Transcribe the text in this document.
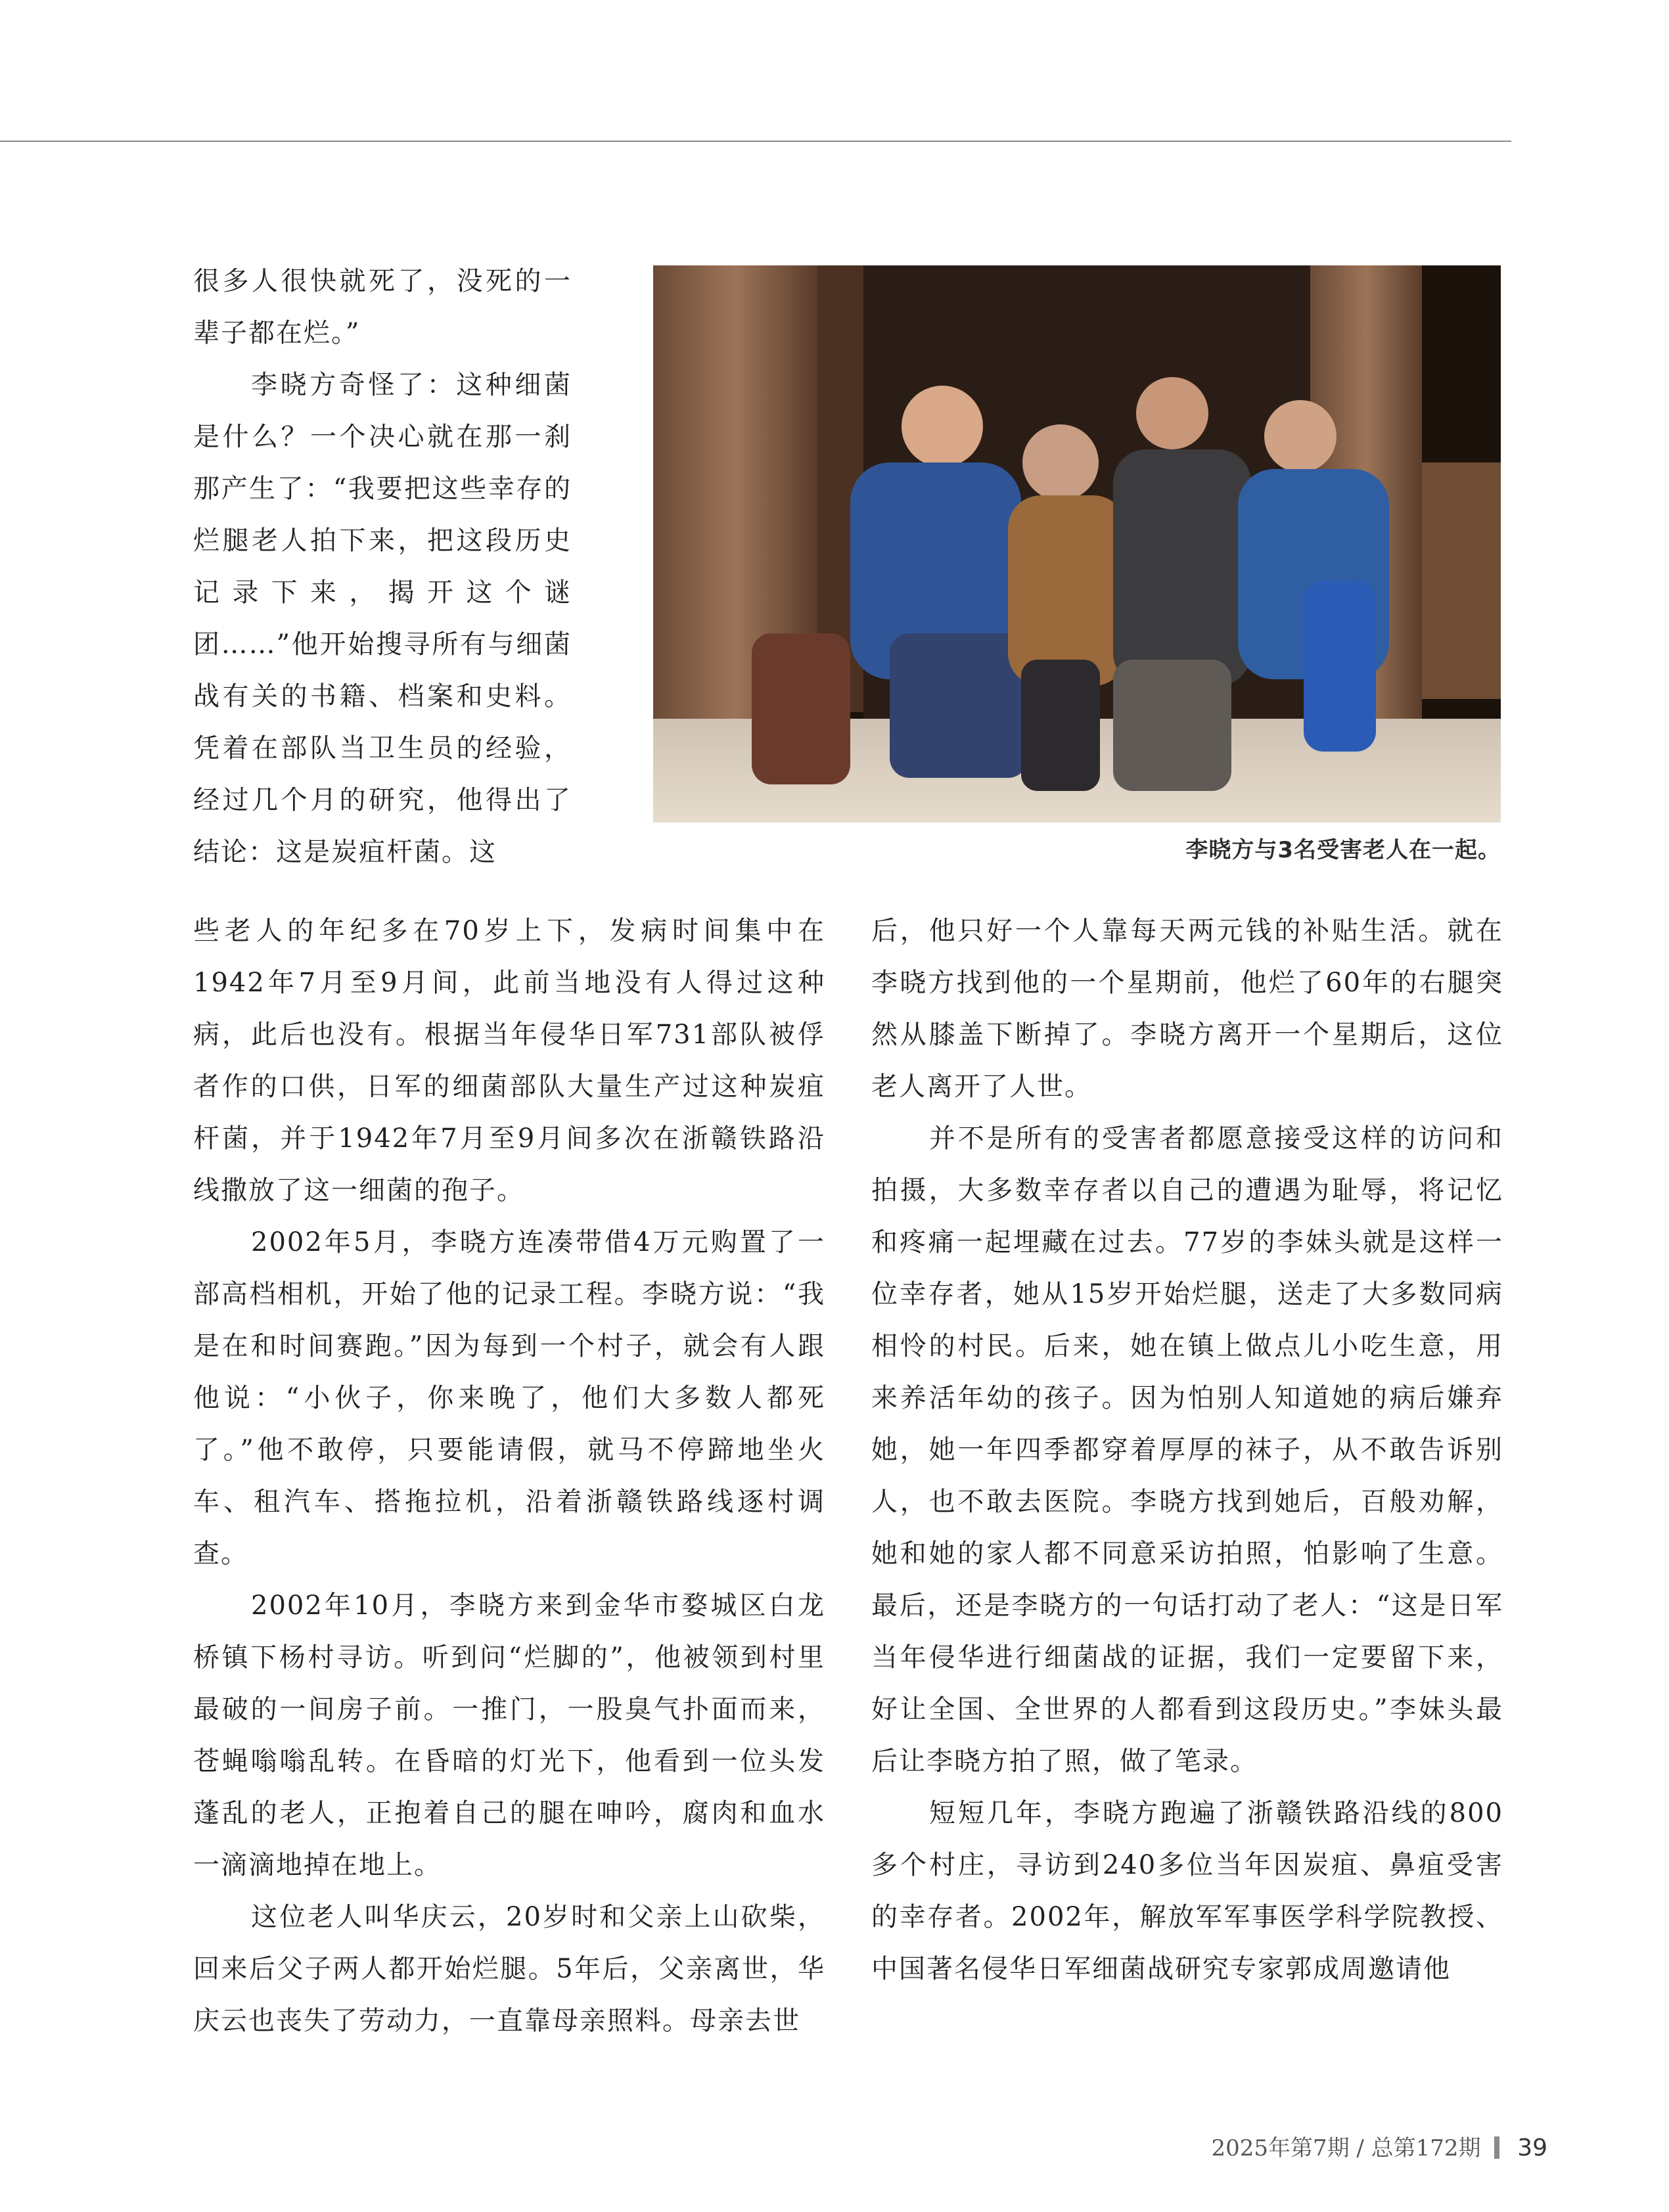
很多人很快就死了，没死的一辈子都在烂。”

李晓方奇怪了：这种细菌是什么？一个决心就在那一刹那产生了：“我要把这些幸存的烂腿老人拍下来，把这段历史记录下来，揭开这个谜团……”他开始搜寻所有与细菌战有关的书籍、档案和史料。凭着在部队当卫生员的经验，经过几个月的研究，他得出了结论：这是炭疽杆菌。这	李晓方与3名受害老人在一起。

些老人的年纪多在70岁上下，发病时间集中在1942年7月至9月间，此前当地没有人得过这种病，此后也没有。根据当年侵华日军731部队被俘者作的口供，日军的细菌部队大量生产过这种炭疽杆菌，并于1942年7月至9月间多次在浙赣铁路沿线撒放了这一细菌的孢子。

2002年5月，李晓方连凑带借4万元购置了一部高档相机，开始了他的记录工程。李晓方说：“我是在和时间赛跑。”因为每到一个村子，就会有人跟他说：“小伙子，你来晚了，他们大多数人都死了。”他不敢停，只要能请假，就马不停蹄地坐火车、租汽车、搭拖拉机，沿着浙赣铁路线逐村调查。

2002年10月，李晓方来到金华市婺城区白龙桥镇下杨村寻访。听到问“烂脚的”，他被领到村里最破的一间房子前。一推门，一股臭气扑面而来，苍蝇嗡嗡乱转。在昏暗的灯光下，他看到一位头发蓬乱的老人，正抱着自己的腿在呻吟，腐肉和血水一滴滴地掉在地上。

这位老人叫华庆云，20岁时和父亲上山砍柴，回来后父子两人都开始烂腿。5年后，父亲离世，华庆云也丧失了劳动力，一直靠母亲照料。母亲去世

后，他只好一个人靠每天两元钱的补贴生活。就在李晓方找到他的一个星期前，他烂了60年的右腿突然从膝盖下断掉了。李晓方离开一个星期后，这位老人离开了人世。

并不是所有的受害者都愿意接受这样的访问和拍摄，大多数幸存者以自己的遭遇为耻辱，将记忆和疼痛一起埋藏在过去。77岁的李妹头就是这样一位幸存者，她从15岁开始烂腿，送走了大多数同病相怜的村民。后来，她在镇上做点儿小吃生意，用来养活年幼的孩子。因为怕别人知道她的病后嫌弃她，她一年四季都穿着厚厚的袜子，从不敢告诉别人，也不敢去医院。李晓方找到她后，百般劝解，她和她的家人都不同意采访拍照，怕影响了生意。最后，还是李晓方的一句话打动了老人：“这是日军当年侵华进行细菌战的证据，我们一定要留下来，好让全国、全世界的人都看到这段历史。”李妹头最后让李晓方拍了照，做了笔录。

短短几年，李晓方跑遍了浙赣铁路沿线的800多个村庄，寻访到240多位当年因炭疽、鼻疽受害的幸存者。2002年，解放军军事医学科学院教授、中国著名侵华日军细菌战研究专家郭成周邀请他

2025年第7期 / 总第172期 39
